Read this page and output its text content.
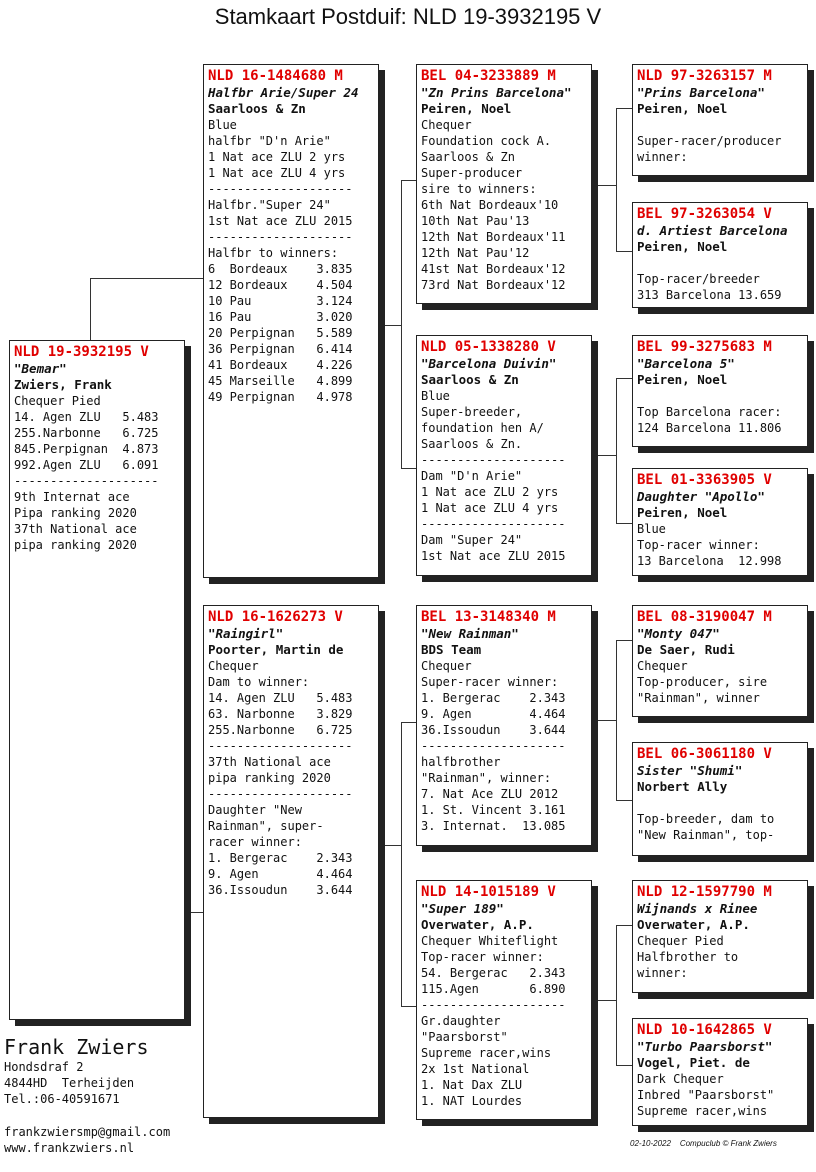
Stamkaart Postduif: NLD 19-3932195 V
NLD 19-3932195 V
"Bemar"
Zwiers, Frank
Chequer Pied
14. Agen ZLU   5.483
255.Narbonne   6.725
845.Perpignan  4.873
992.Agen ZLU   6.091
--------------------
9th Internat ace
Pipa ranking 2020
37th National ace
pipa ranking 2020
NLD 16-1484680 M
Halfbr Arie/Super 24
Saarloos & Zn
Blue
halfbr "D'n Arie"
1 Nat ace ZLU 2 yrs
1 Nat ace ZLU 4 yrs
--------------------
Halfbr."Super 24"
1st Nat ace ZLU 2015
--------------------
Halfbr to winners:
6  Bordeaux    3.835
12 Bordeaux    4.504
10 Pau         3.124
16 Pau         3.020
20 Perpignan   5.589
36 Perpignan   6.414
41 Bordeaux    4.226
45 Marseille   4.899
49 Perpignan   4.978
NLD 16-1626273 V
"Raingirl"
Poorter, Martin de
Chequer
Dam to winner:
14. Agen ZLU   5.483
63. Narbonne   3.829
255.Narbonne   6.725
--------------------
37th National ace
pipa ranking 2020
--------------------
Daughter "New
Rainman", super-
racer winner:
1. Bergerac    2.343
9. Agen        4.464
36.Issoudun    3.644
BEL 04-3233889 M
"Zn Prins Barcelona"
Peiren, Noel
Chequer
Foundation cock A.
Saarloos & Zn
Super-producer
sire to winners:
6th Nat Bordeaux'10
10th Nat Pau'13
12th Nat Bordeaux'11
12th Nat Pau'12
41st Nat Bordeaux'12
73rd Nat Bordeaux'12
NLD 05-1338280 V
"Barcelona Duivin"
Saarloos & Zn
Blue
Super-breeder,
foundation hen A/
Saarloos & Zn.
--------------------
Dam "D'n Arie"
1 Nat ace ZLU 2 yrs
1 Nat ace ZLU 4 yrs
--------------------
Dam "Super 24"
1st Nat ace ZLU 2015
BEL 13-3148340 M
"New Rainman"
BDS Team
Chequer
Super-racer winner:
1. Bergerac    2.343
9. Agen        4.464
36.Issoudun    3.644
--------------------
halfbrother
"Rainman", winner:
7. Nat Ace ZLU 2012
1. St. Vincent 3.161
3. Internat.  13.085
NLD 14-1015189 V
"Super 189"
Overwater, A.P.
Chequer Whiteflight
Top-racer winner:
54. Bergerac   2.343
115.Agen       6.890
--------------------
Gr.daughter
"Paarsborst"
Supreme racer,wins
2x 1st National
1. Nat Dax ZLU
1. NAT Lourdes
NLD 97-3263157 M
"Prins Barcelona"
Peiren, Noel
Super-racer/producer
winner:
BEL 97-3263054 V
d. Artiest Barcelona
Peiren, Noel
Top-racer/breeder
313 Barcelona 13.659
BEL 99-3275683 M
"Barcelona 5"
Peiren, Noel
Top Barcelona racer:
124 Barcelona 11.806
BEL 01-3363905 V
Daughter "Apollo"
Peiren, Noel
Blue
Top-racer winner:
13 Barcelona  12.998
BEL 08-3190047 M
"Monty 047"
De Saer, Rudi
Chequer
Top-producer, sire
"Rainman", winner
BEL 06-3061180 V
Sister "Shumi"
Norbert Ally
Top-breeder, dam to
"New Rainman", top-
NLD 12-1597790 M
Wijnands x Rinee
Overwater, A.P.
Chequer Pied
Halfbrother to
winner:
NLD 10-1642865 V
"Turbo Paarsborst"
Vogel, Piet. de
Dark Chequer
Inbred "Paarsborst"
Supreme racer,wins
Frank Zwiers
Hondsdraf 2
4844HD  Terheijden
Tel.:06-40591671
frankzwiersmp@gmail.com
www.frankzwiers.nl	02-10-2022 Compuclub © Frank Zwiers
